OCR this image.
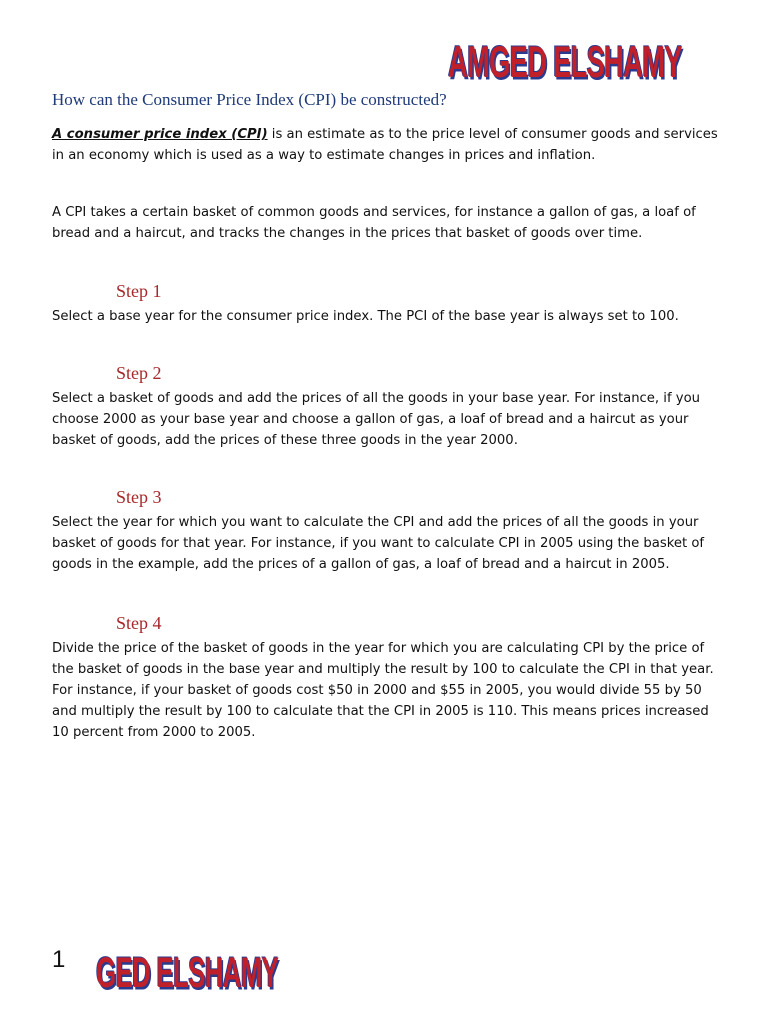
AMGED ELSHAMY
How can the Consumer Price Index (CPI) be constructed?

A consumer price index (CPI) is an estimate as to the price level of consumer goods and services in an economy which is used as a way to estimate changes in prices and inflation.

A CPI takes a certain basket of common goods and services, for instance a gallon of gas, a loaf of bread and a haircut, and tracks the changes in the prices that basket of goods over time.

Step 1

Select a base year for the consumer price index. The PCI of the base year is always set to 100.

Step 2

Select a basket of goods and add the prices of all the goods in your base year. For instance, if you choose 2000 as your base year and choose a gallon of gas, a loaf of bread and a haircut as your basket of goods, add the prices of these three goods in the year 2000.

Step 3

Select the year for which you want to calculate the CPI and add the prices of all the goods in your basket of goods for that year. For instance, if you want to calculate CPI in 2005 using the basket of goods in the example, add the prices of a gallon of gas, a loaf of bread and a haircut in 2005.

Step 4

Divide the price of the basket of goods in the year for which you are calculating CPI by the price of the basket of goods in the base year and multiply the result by 100 to calculate the CPI in that year. For instance, if your basket of goods cost $50 in 2000 and $55 in 2005, you would divide 55 by 50 and multiply the result by 100 to calculate that the CPI in 2005 is 110. This means prices increased 10 percent from 2000 to 2005.

1 GED ELSHAMY
